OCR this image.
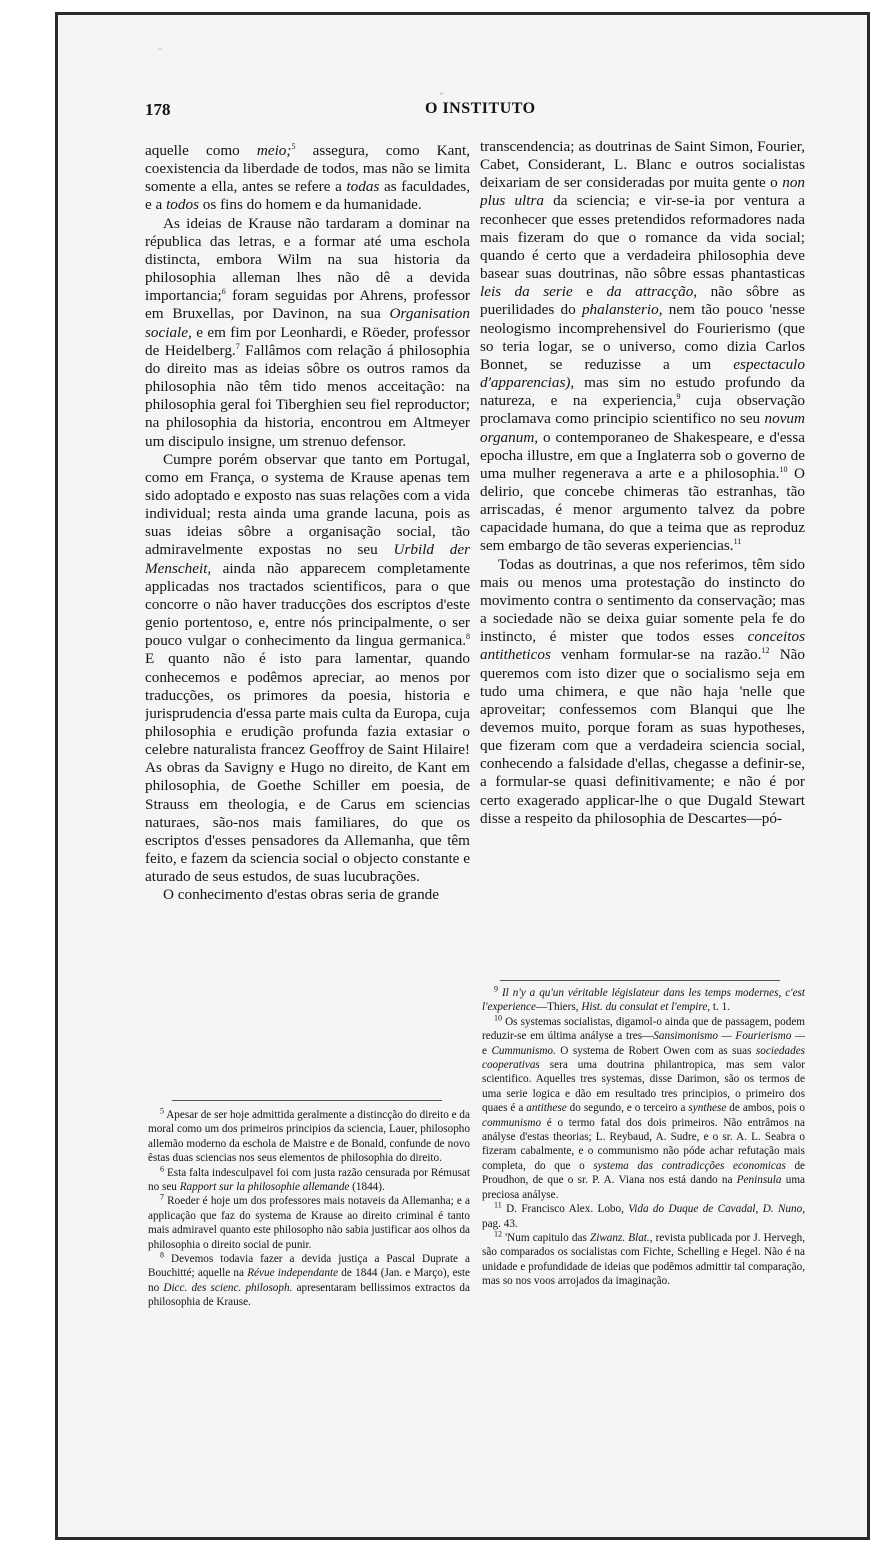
178	O INSTITUTO

aquelle como meio;$^5$ assegura, como Kant, coexistencia da liberdade de todos, mas não se limita somente a ella, antes se refere a todas as faculdades, e a todos os fins do homem e da humanidade.

As ideias de Krause não tardaram a dominar na républica das letras, e a formar até uma eschola distincta, embora Wilm na sua historia da philosophia alleman lhes não dê a devida importancia;$^6$ foram seguidas por Ahrens, professor em Bruxellas, por Davinon, na sua Organisation sociale, e em fim por Leonhardi, e Röeder, professor de Heidelberg.$^7$ Fallâmos com relação á philosophia do direito mas as ideias sôbre os outros ramos da philosophia não têm tido menos acceitação: na philosophia geral foi Tiberghien seu fiel reproductor; na philosophia da historia, encontrou em Altmeyer um discipulo insigne, um strenuo defensor.

Cumpre porém observar que tanto em Portugal, como em França, o systema de Krause apenas tem sido adoptado e exposto nas suas relações com a vida individual; resta ainda uma grande lacuna, pois as suas ideias sôbre a organisação social, tão admiravelmente expostas no seu Urbild der Menscheit, ainda não apparecem completamente applicadas nos tractados scientificos, para o que concorre o não haver traducções dos escriptos d'este genio portentoso, e, entre nós principalmente, o ser pouco vulgar o conhecimento da lingua germanica.$^8$ E quanto não é isto para lamentar, quando conhecemos e podêmos apreciar, ao menos por traducções, os primores da poesia, historia e jurisprudencia d'essa parte mais culta da Europa, cuja philosophia e erudição profunda fazia extasiar o celebre naturalista francez Geoffroy de Saint Hilaire! As obras da Savigny e Hugo no direito, de Kant em philosophia, de Goethe Schiller em poesia, de Strauss em theologia, e de Carus em sciencias naturaes, são-nos mais familiares, do que os escriptos d'esses pensadores da Allemanha, que têm feito, e fazem da sciencia social o objecto constante e aturado de seus estudos, de suas lucubrações.

O conhecimento d'estas obras seria de grande

transcendencia; as doutrinas de Saint Simon, Fourier, Cabet, Considerant, L. Blanc e outros socialistas deixariam de ser consideradas por muita gente o non plus ultra da sciencia; e vir-se-ia por ventura a reconhecer que esses pretendidos reformadores nada mais fizeram do que o romance da vida social; quando é certo que a verdadeira philosophia deve basear suas doutrinas, não sôbre essas phantasticas leis da serie e da attracção, não sôbre as puerilidades do phalansterio, nem tão pouco 'nesse neologismo incomprehensivel do Fourierismo (que so teria logar, se o universo, como dizia Carlos Bonnet, se reduzisse a um espectaculo d'apparencias), mas sim no estudo profundo da natureza, e na experiencia,$^9$ cuja observação proclamava como principio scientifico no seu novum organum, o contemporaneo de Shakespeare, e d'essa epocha illustre, em que a Inglaterra sob o governo de uma mulher regenerava a arte e a philosophia.$^{10}$ O delirio, que concebe chimeras tão estranhas, tão arriscadas, é menor argumento talvez da pobre capacidade humana, do que a teima que as reproduz sem embargo de tão severas experiencias.$^{11}$

Todas as doutrinas, a que nos referimos, têm sido mais ou menos uma protestação do instincto do movimento contra o sentimento da conservação; mas a sociedade não se deixa guiar somente pela fe do instincto, é mister que todos esses conceitos antitheticos venham formular-se na razão.$^{12}$ Não queremos com isto dizer que o socialismo seja em tudo uma chimera, e que não haja 'nelle que aproveitar; confessemos com Blanqui que lhe devemos muito, porque foram as suas hypotheses, que fizeram com que a verdadeira sciencia social, conhecendo a falsidade d'ellas, chegasse a definir-se, a formular-se quasi definitivamente; e não é por certo exagerado applicar-lhe o que Dugald Stewart disse a respeito da philosophia de Descartes—pó-

$^5$ Apesar de ser hoje admittida geralmente a distincção do direito e da moral como um dos primeiros principios da sciencia, Lauer, philosopho allemão moderno da eschola de Maistre e de Bonald, confunde de novo êstas duas sciencias nos seus elementos de philosophia do direito.

$^6$ Esta falta indesculpavel foi com justa razão censurada por Rémusat no seu Rapport sur la philosophie allemande (1844).

$^7$ Roeder é hoje um dos professores mais notaveis da Allemanha; e a applicação que faz do systema de Krause ao direito criminal é tanto mais admiravel quanto este philosopho não sabia justificar aos olhos da philosophia o direito social de punir.

$^8$ Devemos todavia fazer a devida justiça a Pascal Duprate a Bouchitté; aquelle na Révue independante de 1844 (Jan. e Março), este no Dicc. des scienc. philosoph. apresentaram bellissimos extractos da philosophia de Krause.

$^9$ Il n'y a qu'un véritable législateur dans les temps modernes, c'est l'experience—Thiers, Hist. du consulat et l'empire, t. 1.

$^{10}$ Os systemas socialistas, digamol-o ainda que de passagem, podem reduzir-se em última anályse a tres—Sansimonismo — Fourierismo — e Cummunismo. O systema de Robert Owen com as suas sociedades cooperativas sera uma doutrina philantropica, mas sem valor scientifico. Aquelles tres systemas, disse Darimon, são os termos de uma serie logica e dão em resultado tres principios, o primeiro dos quaes é a antithese do segundo, e o terceiro a synthese de ambos, pois o communismo é o termo fatal dos dois primeiros. Não entrâmos na análysе d'estas theorias; L. Reybaud, A. Sudre, e o sr. A. L. Seabra o fizeram cabalmente, e o communismo não póde achar refutação mais completa, do que o systema das contradicções economicas de Proudhon, de que o sr. P. A. Viana nos está dando na Peninsula uma preciosa anályse.

$^{11}$ D. Francisco Alex. Lobo, Vida do Duque de Cavadal, D. Nuno, pag. 43.

$^{12}$ 'Num capitulo das Ziwanz. Blat., revista publicada por J. Hervegh, são comparados os socialistas com Fichte, Schelling e Hegel. Não é na unidade e profundidade de ideias que podêmos admittir tal comparação, mas so nos voos arrojados da imaginação.
